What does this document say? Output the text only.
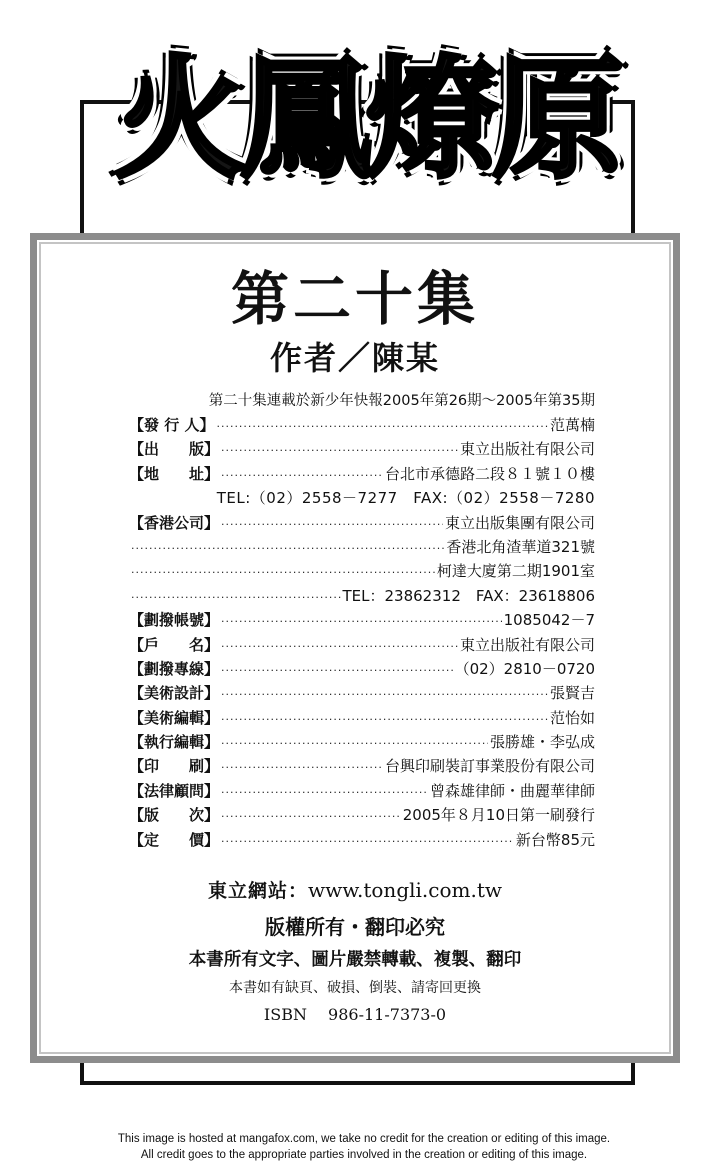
火鳳燎原
第二十集
作者／陳某
第二十集連載於新少年快報2005年第26期～2005年第35期
【發 行 人】 ·····	范萬楠
【出　　版】 ·····	東立出版社有限公司
【地　　址】 ·····	台北市承德路二段８１號１０樓
TEL:（02）2558－7277　FAX:（02）2558－7280
【香港公司】 ·····	東立出版集團有限公司
·····
香港北角渣華道321號
·····
柯達大廈第二期1901室
·····
TEL：23862312　FAX：23618806
【劃撥帳號】 ·····	1085042－7
【戶　　名】 ·····	東立出版社有限公司
【劃撥專線】 ·····	（02）2810－0720
【美術設計】 ·····	張賢吉
【美術編輯】 ·····	范怡如
【執行編輯】 ·····	張勝雄・李弘成
【印　　刷】 ·····	台興印刷裝訂事業股份有限公司
【法律顧問】 ·····	曾森雄律師・曲麗華律師
【版　　次】 ·····	2005年８月10日第一刷發行
【定　　價】 ·····	新台幣85元
東立網站：www.tongli.com.tw
版權所有・翻印必究
本書所有文字、圖片嚴禁轉載、複製、翻印
本書如有缺頁、破損、倒裝、請寄回更換
ISBN　 986-11-7373-0
This image is hosted at mangafox.com, we take no credit for the creation or editing of this image.
All credit goes to the appropriate parties involved in the creation or editing of this image.
